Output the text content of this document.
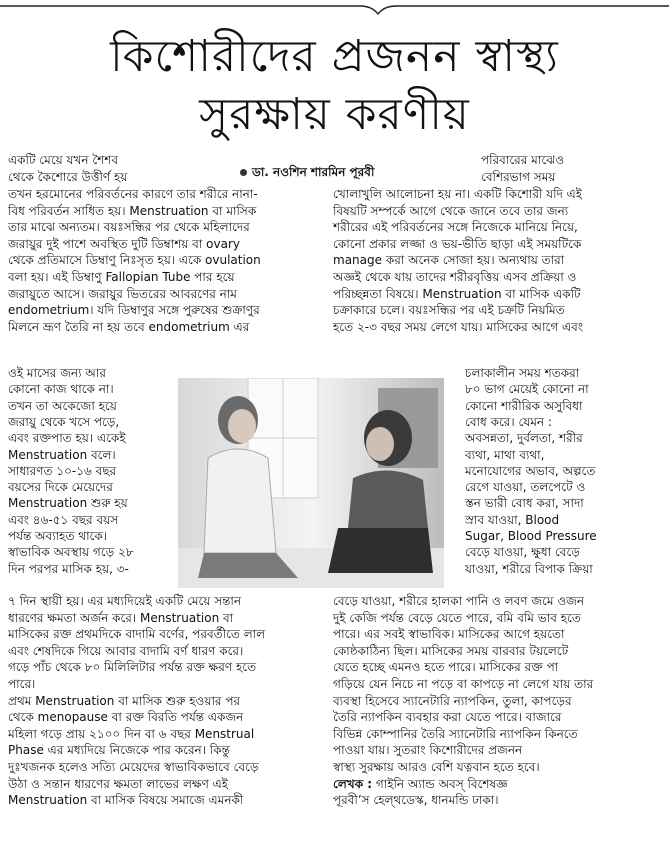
কিশোরীদের প্রজনন স্বাস্থ্য
সুরক্ষায় করণীয়
ডা. নওশিন শারমিন পূরবী
একটি মেয়ে যখন শৈশব
থেকে কৈশোরে উত্তীর্ণ হয়
পরিবারের মাঝেও
বেশিরভাগ সময়
তখন হরমোনের পরিবর্তনের কারণে তার শরীরে নানা-
বিধ পরিবর্তন সাধিত হয়। Menstruation বা মাসিক
তার মাঝে অন্যতম। বয়ঃসন্ধির পর থেকে মহিলাদের
জরায়ুর দুই পাশে অবস্থিত দুটি ডিম্বাশয় বা ovary
থেকে প্রতিমাসে ডিম্বাণু নিঃসৃত হয়। একে ovulation
বলা হয়। এই ডিম্বাণু Fallopian Tube পার হয়ে
জরায়ুতে আসে। জরায়ুর ভিতরের আবরণের নাম
endometrium। যদি ডিম্বাণুর সঙ্গে পুরুষের শুক্রাণুর
মিলনে ভ্রূণ তৈরি না হয় তবে endometrium এর
খোলাখুলি আলোচনা হয় না। একটি কিশোরী যদি এই
বিষয়টি সম্পর্কে আগে থেকে জানে তবে তার জন্য
শরীরের এই পরিবর্তনের সঙ্গে নিজেকে মানিয়ে নিয়ে,
কোনো প্রকার লজ্জা ও ভয়-ভীতি ছাড়া এই সময়টিকে
manage করা অনেক সোজা হয়। অন্যথায় তারা
অজ্ঞই থেকে যায় তাদের শরীরবৃত্তিয় এসব প্রক্রিয়া ও
পরিচ্ছন্নতা বিষয়ে। Menstruation বা মাসিক একটি
চক্রাকারে চলে। বয়ঃসন্ধির পর এই চক্রটি নিয়মিত
হতে ২-৩ বছর সময় লেগে যায়। মাসিকের আগে এবং
ওই মাসের জন্য আর
কোনো কাজ থাকে না।
তখন তা অকেজো হয়ে
জরায়ু থেকে খসে পড়ে,
এবং রক্তপাত হয়। একেই
Menstruation বলে।
সাধারণত ১০-১৬ বছর
বয়সের দিকে মেয়েদের
Menstruation শুরু হয়
এবং ৪৬-৫১ বছর বয়স
পর্যন্ত অব্যাহত থাকে।
স্বাভাবিক অবস্থায় গড়ে ২৮
দিন পরপর মাসিক হয়, ৩-
চলাকালীন সময় শতকরা
৮০ ভাগ মেয়েই কোনো না
কোনো শারীরিক অসুবিধা
বোধ করে। যেমন :
অবসন্নতা, দুর্বলতা, শরীর
ব্যথা, মাথা ব্যথা,
মনোযোগের অভাব, অল্পতে
রেগে যাওয়া, তলপেটে ও
স্তন ভারী বোধ করা, সাদা
স্রাব যাওয়া, Blood
Sugar, Blood Pressure
বেড়ে যাওয়া, ক্ষুধা বেড়ে
যাওয়া, শরীরে বিপাক ক্রিয়া
৭ দিন স্থায়ী হয়। এর মধ্যদিয়েই একটি মেয়ে সন্তান
ধারণের ক্ষমতা অর্জন করে। Menstruation বা
মাসিকের রক্ত প্রথমদিকে বাদামি বর্ণের, পরবর্তীতে লাল
এবং শেষদিকে গিয়ে আবার বাদামি বর্ণ ধারণ করে।
গড়ে পাঁচ থেকে ৮০ মিলিলিটার পর্যন্ত রক্ত ক্ষরণ হতে
পারে।
প্রথম Menstruation বা মাসিক শুরু হওয়ার পর
থেকে menopause বা রক্ত বিরতি পর্যন্ত একজন
মহিলা গড়ে প্রায় ২১০০ দিন বা ৬ বছর Menstrual
Phase এর মধ্যদিয়ে নিজেকে পার করেন। কিন্তু
দুঃখজনক হলেও সত্যি মেয়েদের স্বাভাবিকভাবে বেড়ে
উঠা ও সন্তান ধারণের ক্ষমতা লাভের লক্ষণ এই
Menstruation বা মাসিক বিষয়ে সমাজে এমনকী
বেড়ে যাওয়া, শরীরে হালকা পানি ও লবণ জমে ওজন
দুই কেজি পর্যন্ত বেড়ে যেতে পারে, বমি বমি ভাব হতে
পারে। এর সবই স্বাভাবিক। মাসিকের আগে হয়তো
কোষ্ঠকাঠিন্য ছিল। মাসিকের সময় বারবার টয়লেটে
যেতে হচ্ছে এমনও হতে পারে। মাসিকের রক্ত পা
গড়িয়ে যেন নিচে না পড়ে বা কাপড়ে না লেগে যায় তার
ব্যবস্থা হিসেবে স্যানেটারি ন্যাপকিন, তুলা, কাপড়ের
তৈরি ন্যাপকিন ব্যবহার করা যেতে পারে। বাজারে
বিভিন্ন কোম্পানির তৈরি স্যানেটারি ন্যাপকিন কিনতে
পাওয়া যায়। সুতরাং কিশোরীদের প্রজনন
স্বাস্থ্য সুরক্ষায় আরও বেশি যত্নবান হতে হবে।
লেখক : গাইনি অ্যান্ড অবস্‌ বিশেষজ্ঞ
পূরবী’স হেল্থডেস্ক, ধানমন্ডি ঢাকা।
